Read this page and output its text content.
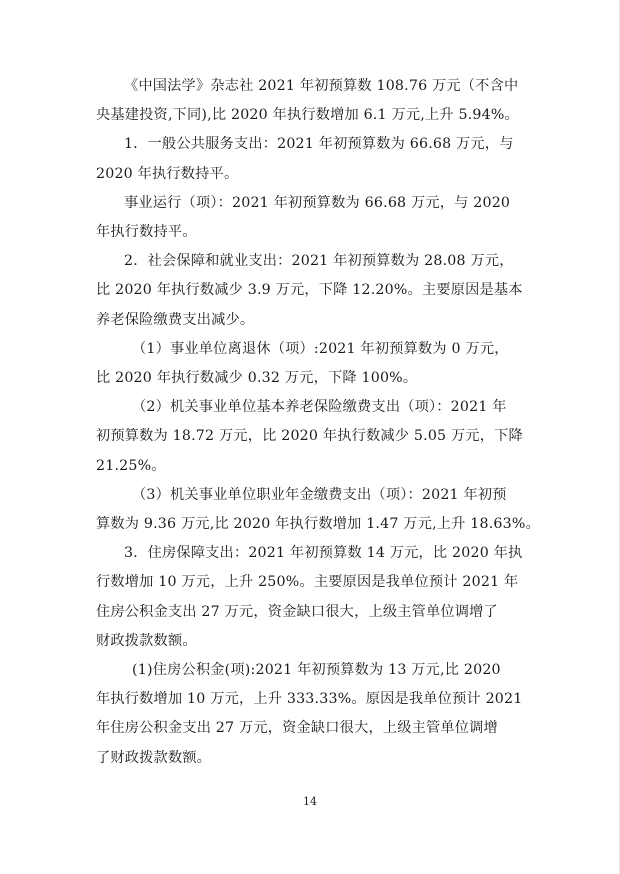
《中国法学》杂志社 2021 年初预算数 108.76 万元（不含中
央基建投资,下同),比 2020 年执行数增加 6.1 万元,上升 5.94%。

1．一般公共服务支出：2021 年初预算数为 66.68 万元，与
2020 年执行数持平。

事业运行（项）：2021 年初预算数为 66.68 万元，与 2020
年执行数持平。

2．社会保障和就业支出：2021 年初预算数为 28.08 万元，
比 2020 年执行数减少 3.9 万元，下降 12.20%。主要原因是基本
养老保险缴费支出减少。

（1）事业单位离退休（项）:2021 年初预算数为 0 万元，
比 2020 年执行数减少 0.32 万元，下降 100%。

（2）机关事业单位基本养老保险缴费支出（项）：2021 年
初预算数为 18.72 万元，比 2020 年执行数减少 5.05 万元，下降
21.25%。

（3）机关事业单位职业年金缴费支出（项）：2021 年初预
算数为 9.36 万元,比 2020 年执行数增加 1.47 万元,上升 18.63%。

3．住房保障支出：2021 年初预算数 14 万元，比 2020 年执
行数增加 10 万元，上升 250%。主要原因是我单位预计 2021 年
住房公积金支出 27 万元，资金缺口很大，上级主管单位调增了
财政拨款数额。

(1)住房公积金(项):2021 年初预算数为 13 万元,比 2020
年执行数增加 10 万元，上升 333.33%。原因是我单位预计 2021
年住房公积金支出 27 万元，资金缺口很大，上级主管单位调增
了财政拨款数额。

14
